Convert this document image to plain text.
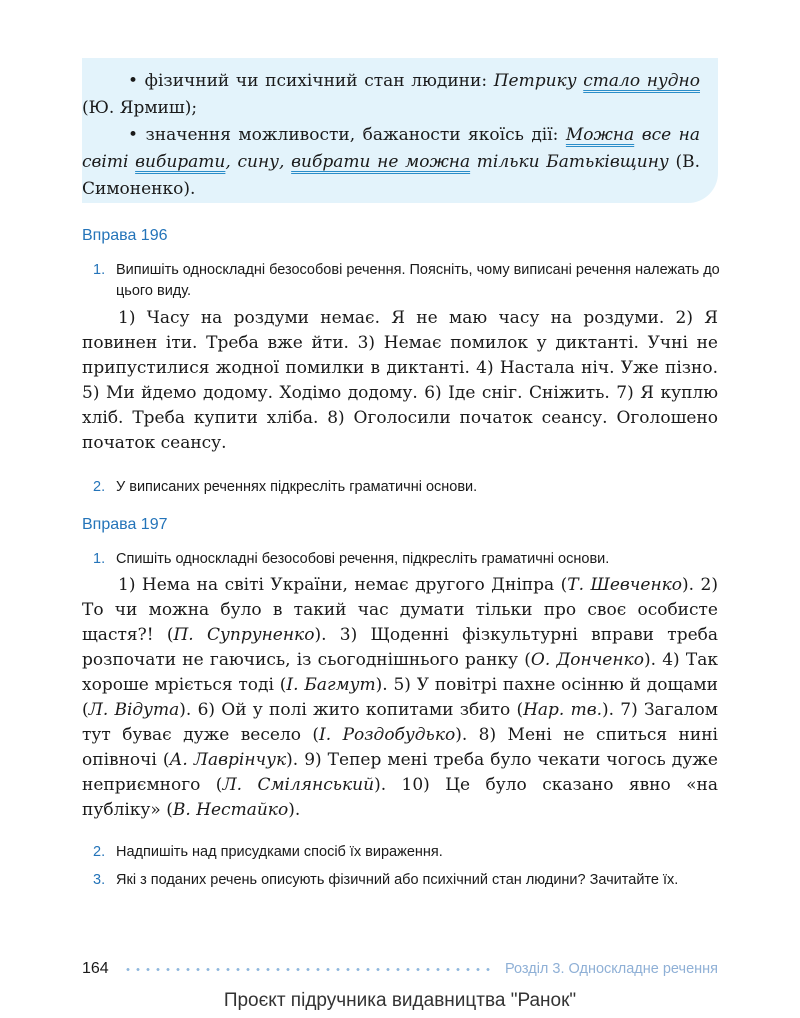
• фізичний чи психічний стан людини: Петрику стало нудно (Ю. Ярмиш);

• значення можливости, бажаности якоїсь дії: Можна все на світі вибирати, сину, вибрати не можна тільки Батьківщину (В. Симоненко).

Вправа 196
1. Випишіть односкладні безособові речення. Поясніть, чому виписані речення належать до цього виду.

1) Часу на роздуми немає. Я не маю часу на роздуми. 2) Я повинен іти. Треба вже йти. 3) Немає помилок у диктанті. Учні не припустилися жодної помилки в диктанті. 4) Настала ніч. Уже пізно. 5) Ми йдемо додому. Ходімо додому. 6) Іде сніг. Сніжить. 7) Я куплю хліб. Треба купити хліба. 8) Оголосили початок сеансу. Оголошено початок сеансу.

2. У виписаних реченнях підкресліть граматичні основи.
Вправа 197
1. Спишіть односкладні безособові речення, підкресліть граматичні основи.

1) Нема на світі України, немає другого Дніпра (Т. Шевченко). 2) То чи можна було в такий час думати тільки про своє особисте щастя?! (П. Супруненко). 3) Щоденні фізкультурні вправи треба розпочати не гаючись, із сьогоднішнього ранку (О. Донченко). 4) Так хороше мріється тоді (І. Багмут). 5) У повітрі пахне осінню й дощами (Л. Відута). 6) Ой у полі жито копитами збито (Нар. тв.). 7) Загалом тут буває дуже весело (І. Роздобудько). 8) Мені не спиться нині опівночі (А. Лаврінчук). 9) Тепер мені треба було чекати чогось дуже неприємного (Л. Смілянський). 10) Це було сказано явно «на публіку» (В. Нестайко).

2. Надпишіть над присудками спосіб їх вираження.
3. Які з поданих речень описують фізичний або психічний стан людини? Зачитайте їх.
164	Розділ 3. Односкладне речення
Проєкт підручника видавництва "Ранок"
